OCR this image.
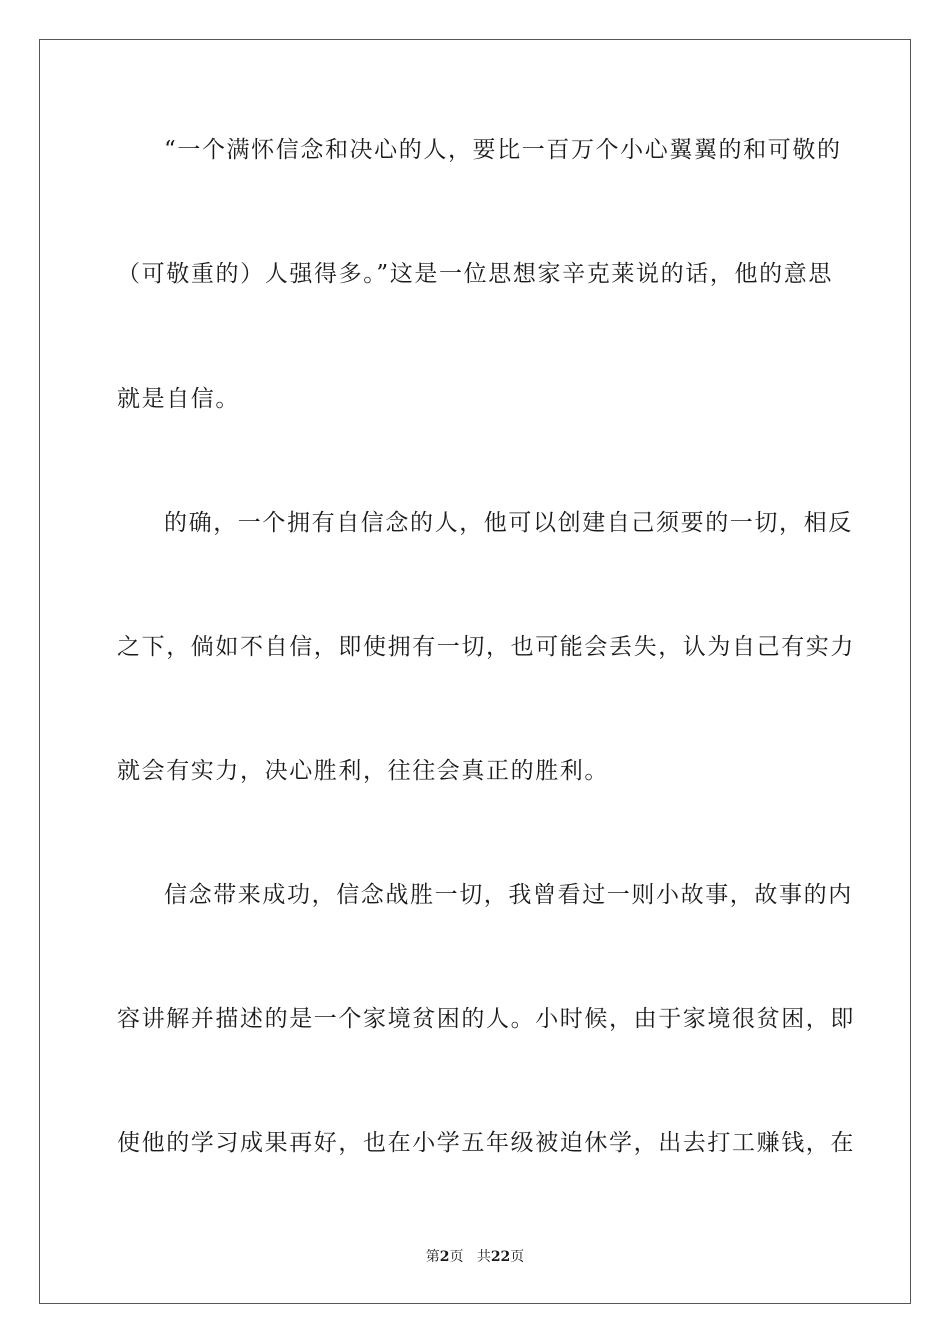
“一个满怀信念和决心的人，要比一百万个小心翼翼的和可敬的
（可敬重的）人强得多。”这是一位思想家辛克莱说的话，他的意思
就是自信。
的确，一个拥有自信念的人，他可以创建自己须要的一切，相反
之下，倘如不自信，即使拥有一切，也可能会丢失，认为自己有实力
就会有实力，决心胜利，往往会真正的胜利。
信念带来成功，信念战胜一切，我曾看过一则小故事，故事的内
容讲解并描述的是一个家境贫困的人。小时候，由于家境很贫困，即
使他的学习成果再好，也在小学五年级被迫休学，出去打工赚钱，在
第2页 共22页
